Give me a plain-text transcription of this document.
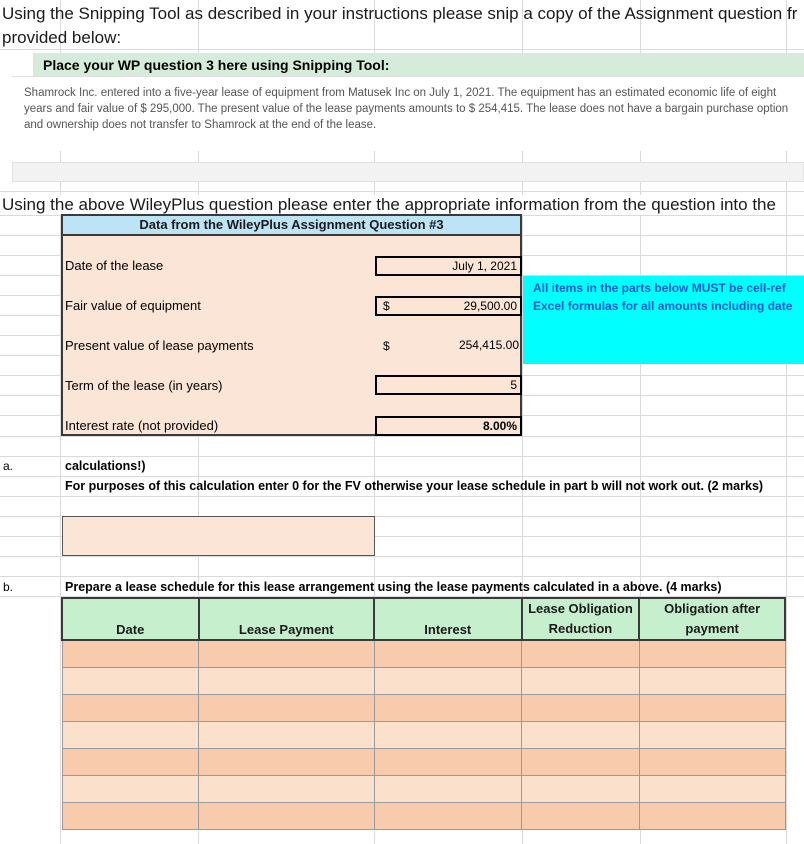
Using the Snipping Tool as described in your instructions please snip a copy of the Assignment question fr
provided below:
Place your WP question 3 here using Snipping Tool:

Shamrock Inc. entered into a five-year lease of equipment from Matusek Inc on July 1, 2021. The equipment has an estimated economic life of eight years and fair value of $ 295,000. The present value of the lease payments amounts to $ 254,415. The lease does not have a bargain purchase option and ownership does not transfer to Shamrock at the end of the lease.

Using the above WileyPlus question please enter the appropriate information from the question into the
Data from the WileyPlus Assignment Question #3
Date of the lease	July 1, 2021
Fair value of equipment	29,500.00
$
Present value of lease payments	254,415.00
$
Term of the lease (in years)	5
Interest rate (not provided)	8.00%
All items in the parts below MUST be cell-ref
Excel formulas for all amounts including date
a.	calculations!)
For purposes of this calculation enter 0 for the FV otherwise your lease schedule in part b will not work out. (2 marks)
b.	Prepare a lease schedule for this lease arrangement using the lease payments calculated in a above. (4 marks)
Date	Lease Payment	Interest	Lease Obligation Reduction	Obligation after payment
